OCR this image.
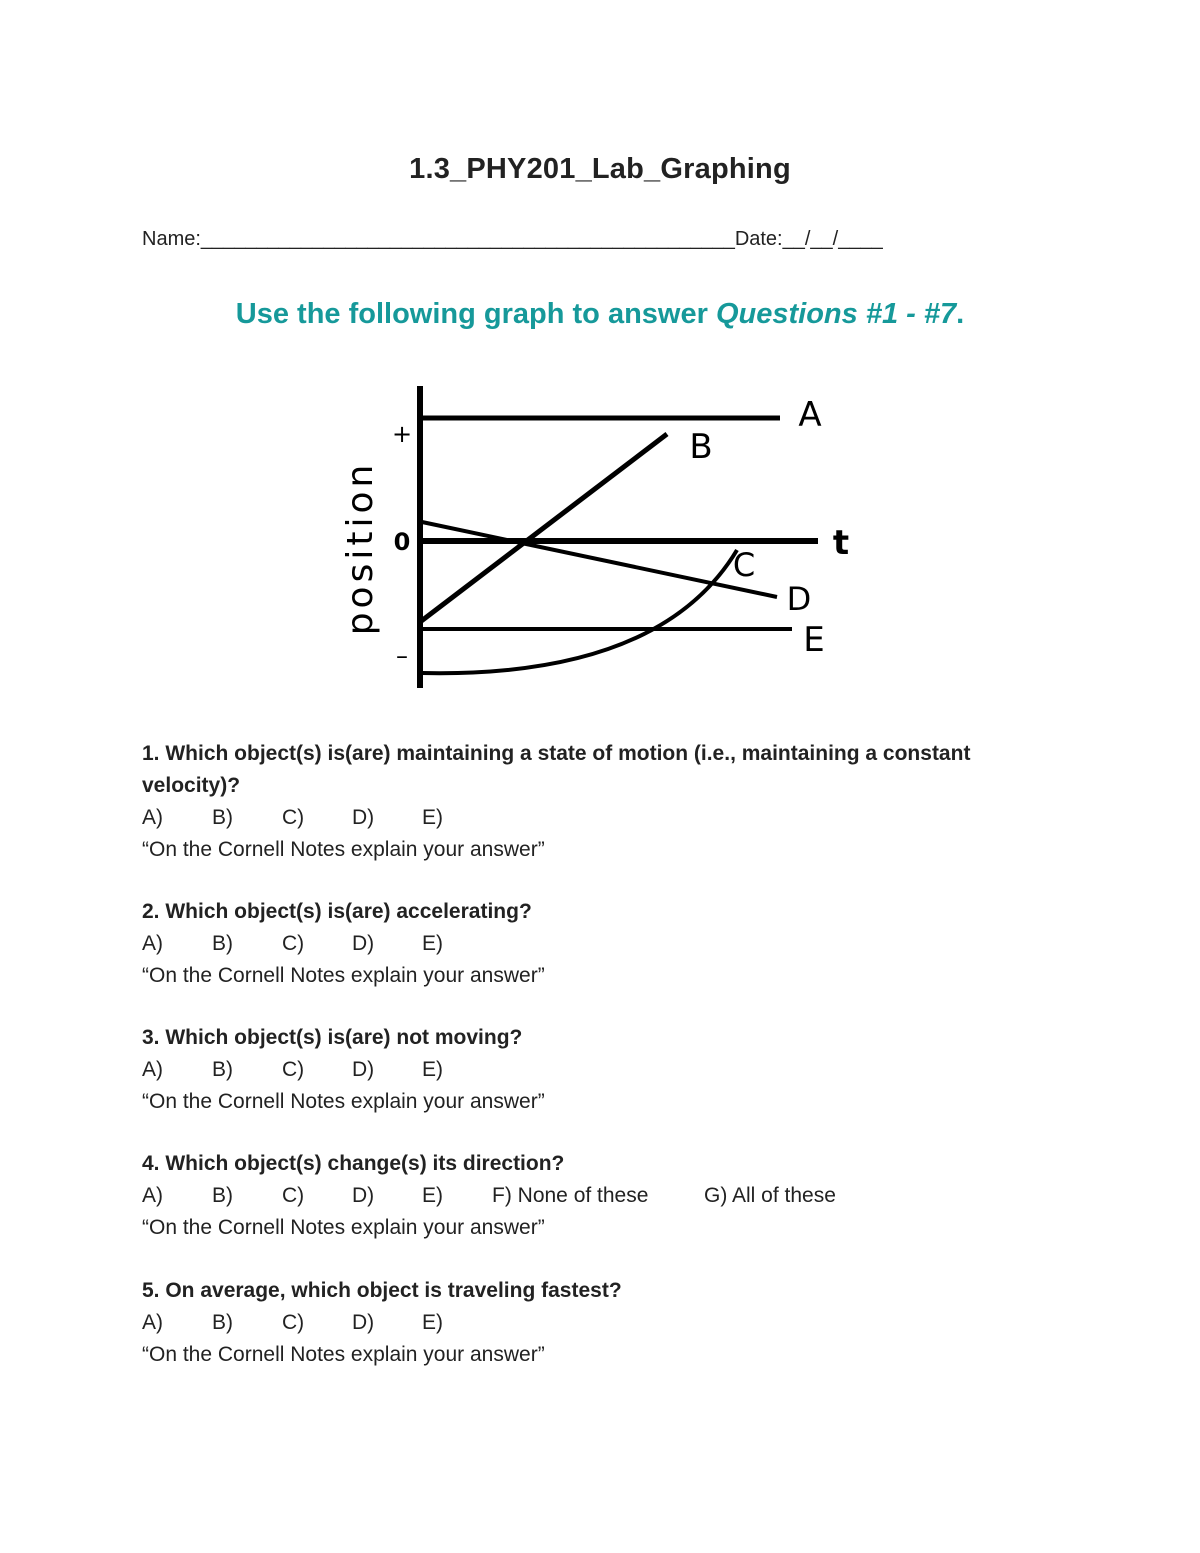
1.3_PHY201_Lab_Graphing
Name:________________________________________________Date:__/__/____
Use the following graph to answer Questions #1 - #7.
position
+
0
–
t
A
B
D
E
C
1. Which object(s) is(are) maintaining a state of motion (i.e., maintaining a constant velocity)?
A) B) C) D) E)
“On the Cornell Notes explain your answer”
2. Which object(s) is(are) accelerating?
A) B) C) D) E)
“On the Cornell Notes explain your answer”
3. Which object(s) is(are) not moving?
A) B) C) D) E)
“On the Cornell Notes explain your answer”
4. Which object(s) change(s) its direction?
A) B) C) D) E) F) None of these	G) All of these
“On the Cornell Notes explain your answer”
5. On average, which object is traveling fastest?
A) B) C) D) E)
“On the Cornell Notes explain your answer”
